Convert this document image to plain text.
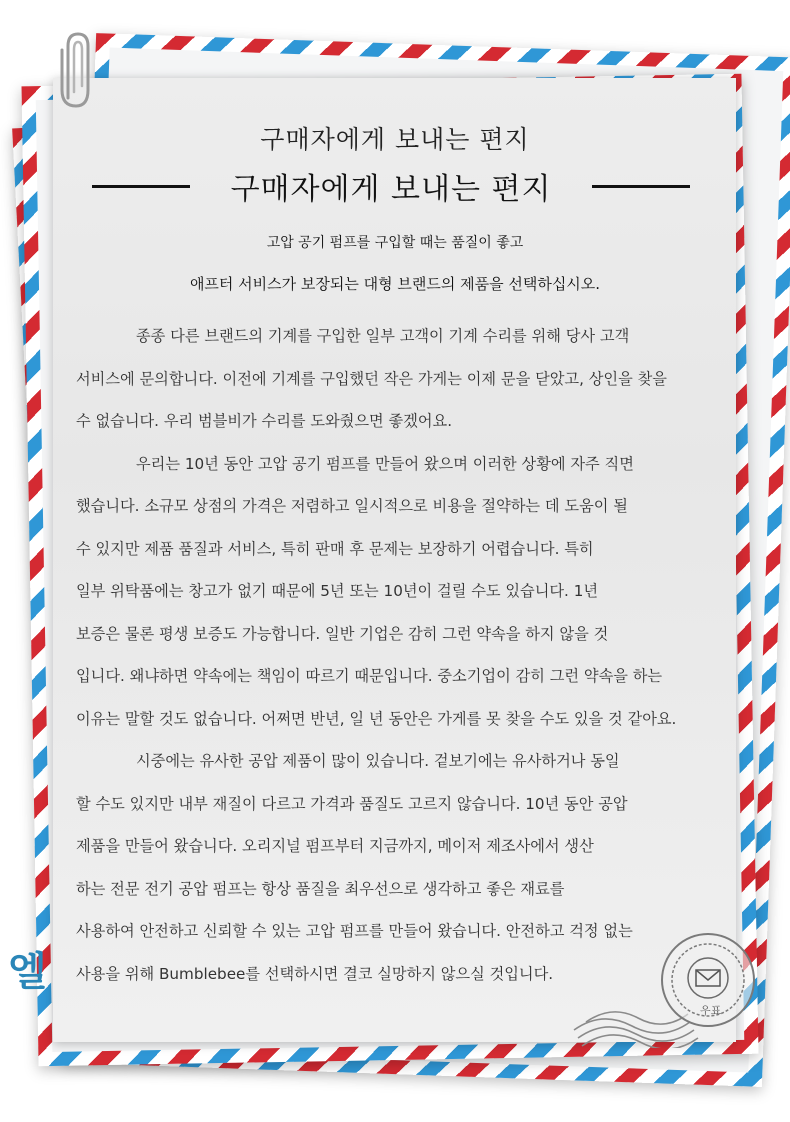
구매자에게 보내는 편지
구매자에게 보내는 편지
고압 공기 펌프를 구입할 때는 품질이 좋고
애프터 서비스가 보장되는 대형 브랜드의 제품을 선택하십시오.
종종 다른 브랜드의 기계를 구입한 일부 고객이 기계 수리를 위해 당사 고객
서비스에 문의합니다. 이전에 기계를 구입했던 작은 가게는 이제 문을 닫았고, 상인을 찾을
수 없습니다. 우리 범블비가 수리를 도와줬으면 좋겠어요.
우리는 10년 동안 고압 공기 펌프를 만들어 왔으며 이러한 상황에 자주 직면
했습니다. 소규모 상점의 가격은 저렴하고 일시적으로 비용을 절약하는 데 도움이 될
수 있지만 제품 품질과 서비스, 특히 판매 후 문제는 보장하기 어렵습니다. 특히
일부 위탁품에는 창고가 없기 때문에 5년 또는 10년이 걸릴 수도 있습니다. 1년
보증은 물론 평생 보증도 가능합니다. 일반 기업은 감히 그런 약속을 하지 않을 것
입니다. 왜냐하면 약속에는 책임이 따르기 때문입니다. 중소기업이 감히 그런 약속을 하는
이유는 말할 것도 없습니다. 어쩌면 반년, 일 년 동안은 가게를 못 찾을 수도 있을 것 같아요.
시중에는 유사한 공압 제품이 많이 있습니다. 겉보기에는 유사하거나 동일
할 수도 있지만 내부 재질이 다르고 가격과 품질도 고르지 않습니다. 10년 동안 공압
제품을 만들어 왔습니다. 오리지널 펌프부터 지금까지, 메이저 제조사에서 생산
하는 전문 전기 공압 펌프는 항상 품질을 최우선으로 생각하고 좋은 재료를
사용하여 안전하고 신뢰할 수 있는 고압 펌프를 만들어 왔습니다. 안전하고 걱정 없는
사용을 위해 Bumblebee를 선택하시면 결코 실망하지 않으실 것입니다.
엘
우표
